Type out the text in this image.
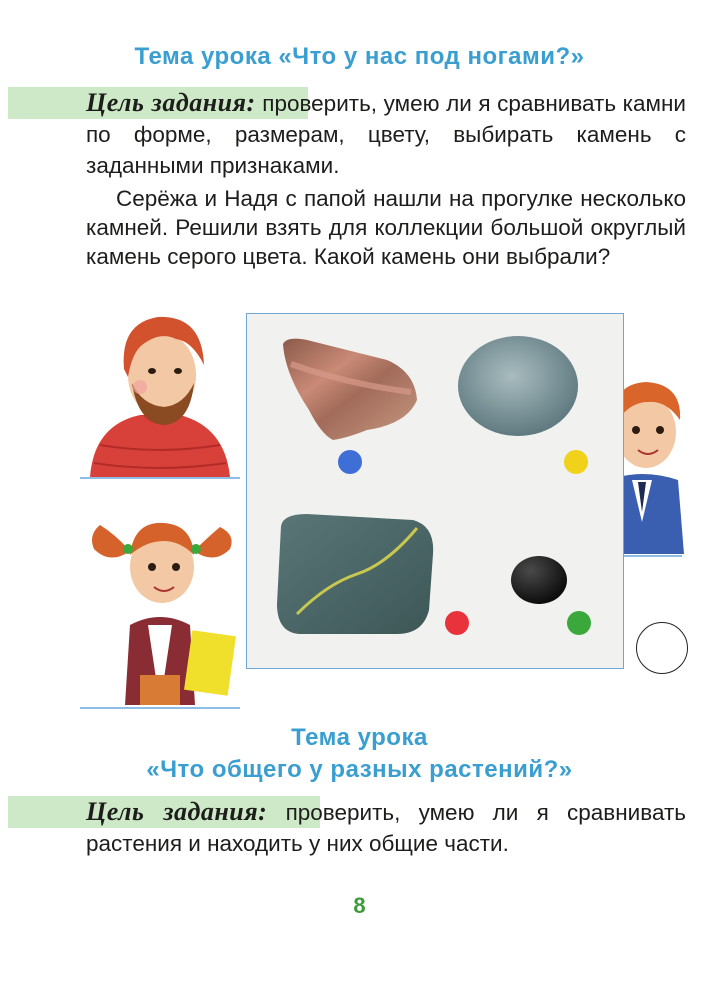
Тема урока «Что у нас под ногами?»
Цель задания: проверить, умею ли я сравнивать камни по форме, размерам, цвету, выбирать камень с заданными признаками.
Серёжа и Надя с папой нашли на прогулке несколько камней. Решили взять для коллекции большой округлый камень серого цвета. Какой камень они выбрали?
Тема урока
«Что общего у разных растений?»
Цель задания: проверить, умею ли я сравнивать растения и находить у них общие части.
8
